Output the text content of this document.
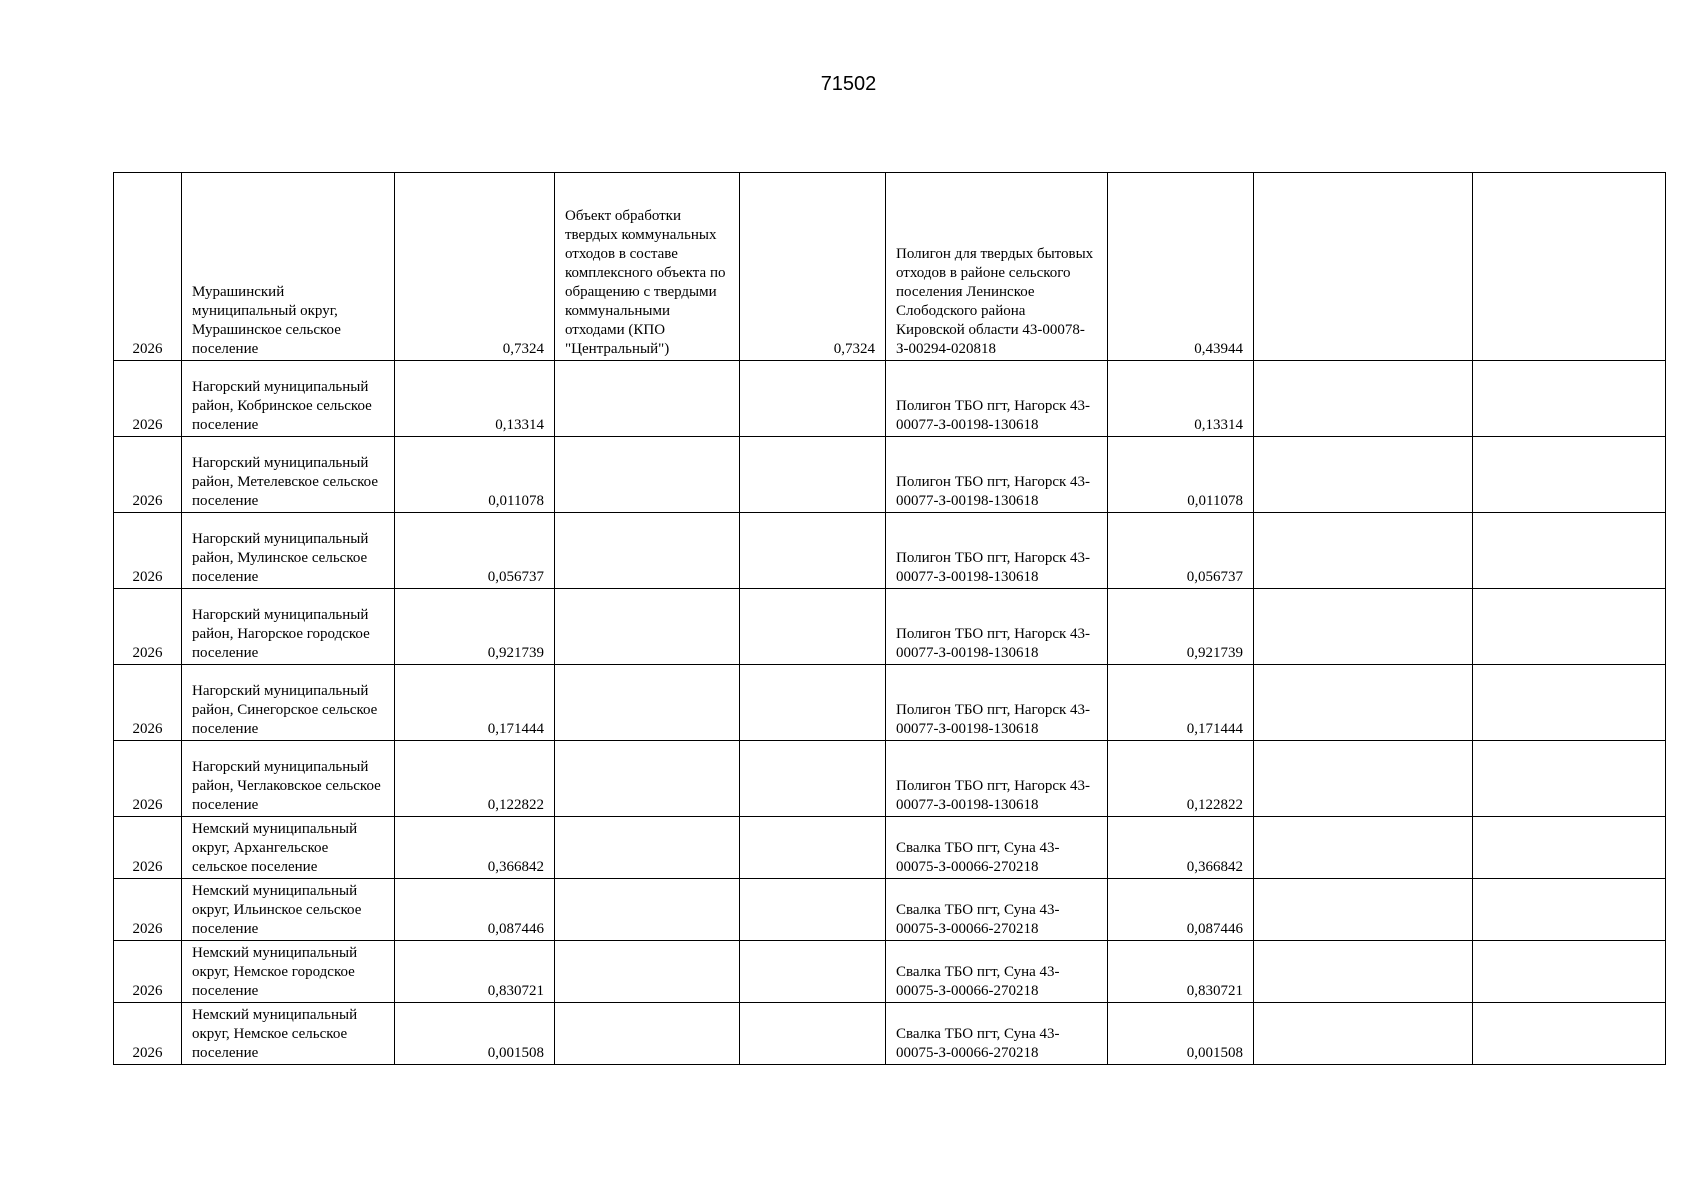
71502
2026	Мурашинский муниципальный округ, Мурашинское сельское поселение	0,7324	Объект обработки твердых коммунальных отходов в составе комплексного объекта по обращению с твердыми коммунальными отходами (КПО "Центральный")	0,7324	Полигон для твердых бытовых отходов в районе сельского поселения Ленинское Слободского района Кировской области 43-00078-З-00294-020818	0,43944		
2026	Нагорский муниципальный район, Кобринское сельское поселение	0,13314			Полигон ТБО пгт, Нагорск 43-00077-З-00198-130618	0,13314		
2026	Нагорский муниципальный район, Метелевское сельское поселение	0,011078			Полигон ТБО пгт, Нагорск 43-00077-З-00198-130618	0,011078		
2026	Нагорский муниципальный район, Мулинское сельское поселение	0,056737			Полигон ТБО пгт, Нагорск 43-00077-З-00198-130618	0,056737		
2026	Нагорский муниципальный район, Нагорское городское поселение	0,921739			Полигон ТБО пгт, Нагорск 43-00077-З-00198-130618	0,921739		
2026	Нагорский муниципальный район, Синегорское сельское поселение	0,171444			Полигон ТБО пгт, Нагорск 43-00077-З-00198-130618	0,171444		
2026	Нагорский муниципальный район, Чеглаковское сельское поселение	0,122822			Полигон ТБО пгт, Нагорск 43-00077-З-00198-130618	0,122822		
2026	Немский муниципальный округ, Архангельское сельское поселение	0,366842			Свалка ТБО пгт, Суна 43-00075-З-00066-270218	0,366842		
2026	Немский муниципальный округ, Ильинское сельское поселение	0,087446			Свалка ТБО пгт, Суна 43-00075-З-00066-270218	0,087446		
2026	Немский муниципальный округ, Немское городское поселение	0,830721			Свалка ТБО пгт, Суна 43-00075-З-00066-270218	0,830721		
2026	Немский муниципальный округ, Немское сельское поселение	0,001508			Свалка ТБО пгт, Суна 43-00075-З-00066-270218	0,001508		
